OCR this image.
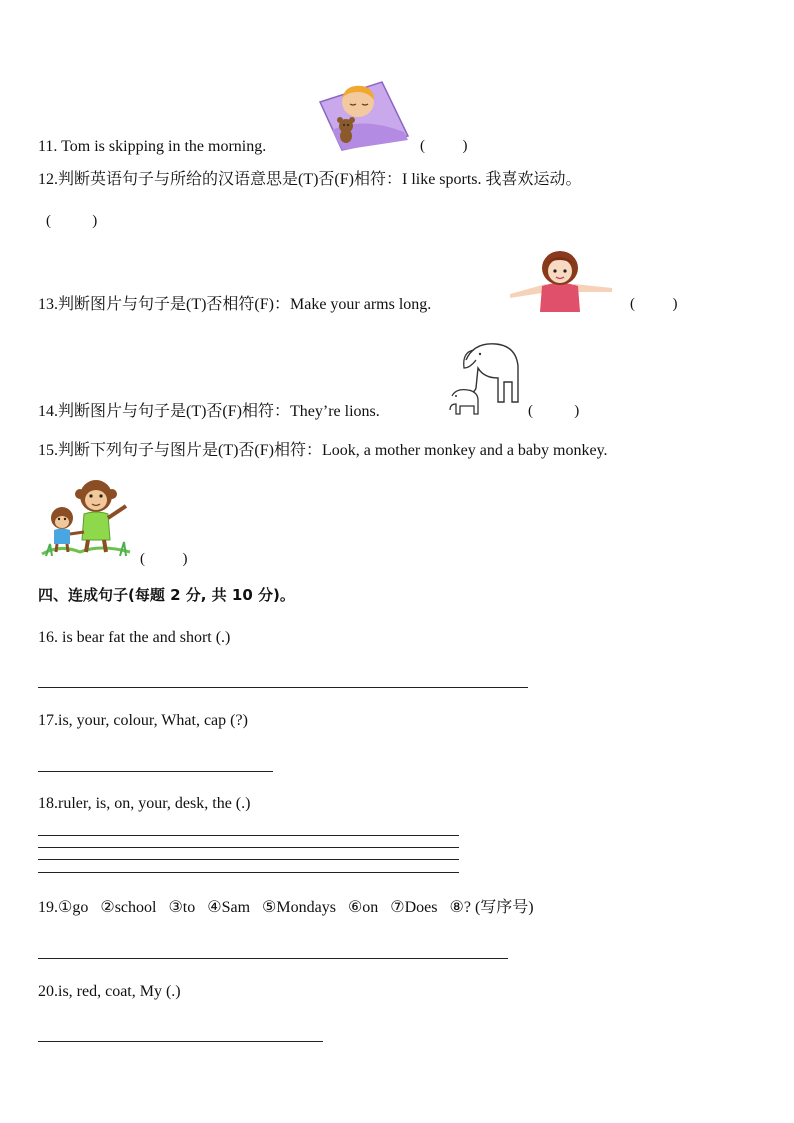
11. Tom is skipping in the morning.	(          )
12.判断英语句子与所给的汉语意思是(T)否(F)相符：I like sports. 我喜欢运动。
(           )
13.判断图片与句子是(T)否相符(F)：Make your arms long.	(          )
14.判断图片与句子是(T)否(F)相符：They’re lions.	(           )
15.判断下列句子与图片是(T)否(F)相符：Look, a mother monkey and a baby monkey.
(          )
四、连成句子(每题 2 分, 共 10 分)。
16. is bear fat the and short (.)
17.is, your, colour, What, cap (?)
18.ruler, is, on, your, desk, the (.)
19.①go   ②school   ③to   ④Sam   ⑤Mondays   ⑥on   ⑦Does   ⑧? (写序号)
20.is, red, coat, My (.)
